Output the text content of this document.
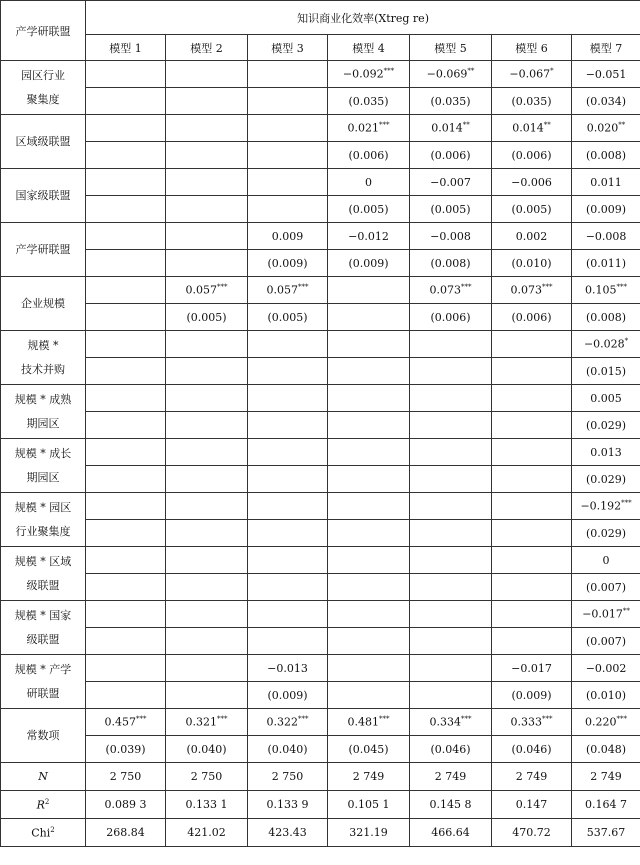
产学研联盟	知识商业化效率(Xtreg re)						
	模型 1	模型 2	模型 3	模型 4	模型 5	模型 6	模型 7

园区行业
聚集度				−0.092***	−0.069**	−0.067*	−0.051
				(0.035)	(0.035)	(0.035)	(0.034)

区域级联盟				0.021***	0.014**	0.014**	0.020**
				(0.006)	(0.006)	(0.006)	(0.008)

国家级联盟				0	−0.007	−0.006	0.011
				(0.005)	(0.005)	(0.005)	(0.009)

产学研联盟			0.009	−0.012	−0.008	0.002	−0.008
			(0.009)	(0.009)	(0.008)	(0.010)	(0.011)

企业规模		0.057***	0.057***		0.073***	0.073***	0.105***
		(0.005)	(0.005)		(0.006)	(0.006)	(0.008)

规模 *
技术并购							−0.028*
							(0.015)

规模 * 成熟
期园区							0.005
							(0.029)

规模 * 成长
期园区							0.013
							(0.029)

规模 * 园区
行业聚集度							−0.192***
							(0.029)

规模 * 区域
级联盟							0
							(0.007)

规模 * 国家
级联盟							−0.017**
							(0.007)

规模 * 产学
研联盟			−0.013			−0.017	−0.002
			(0.009)			(0.009)	(0.010)

常数项	0.457***	0.321***	0.322***	0.481***	0.334***	0.333***	0.220***
	(0.039)	(0.040)	(0.040)	(0.045)	(0.046)	(0.046)	(0.048)
N	2 750	2 750	2 750	2 749	2 749	2 749	2 749
$R^2$	0.089 3	0.133 1	0.133 9	0.105 1	0.145 8	0.147	0.164 7
Chi$^2$	268.84	421.02	423.43	321.19	466.64	470.72	537.67
